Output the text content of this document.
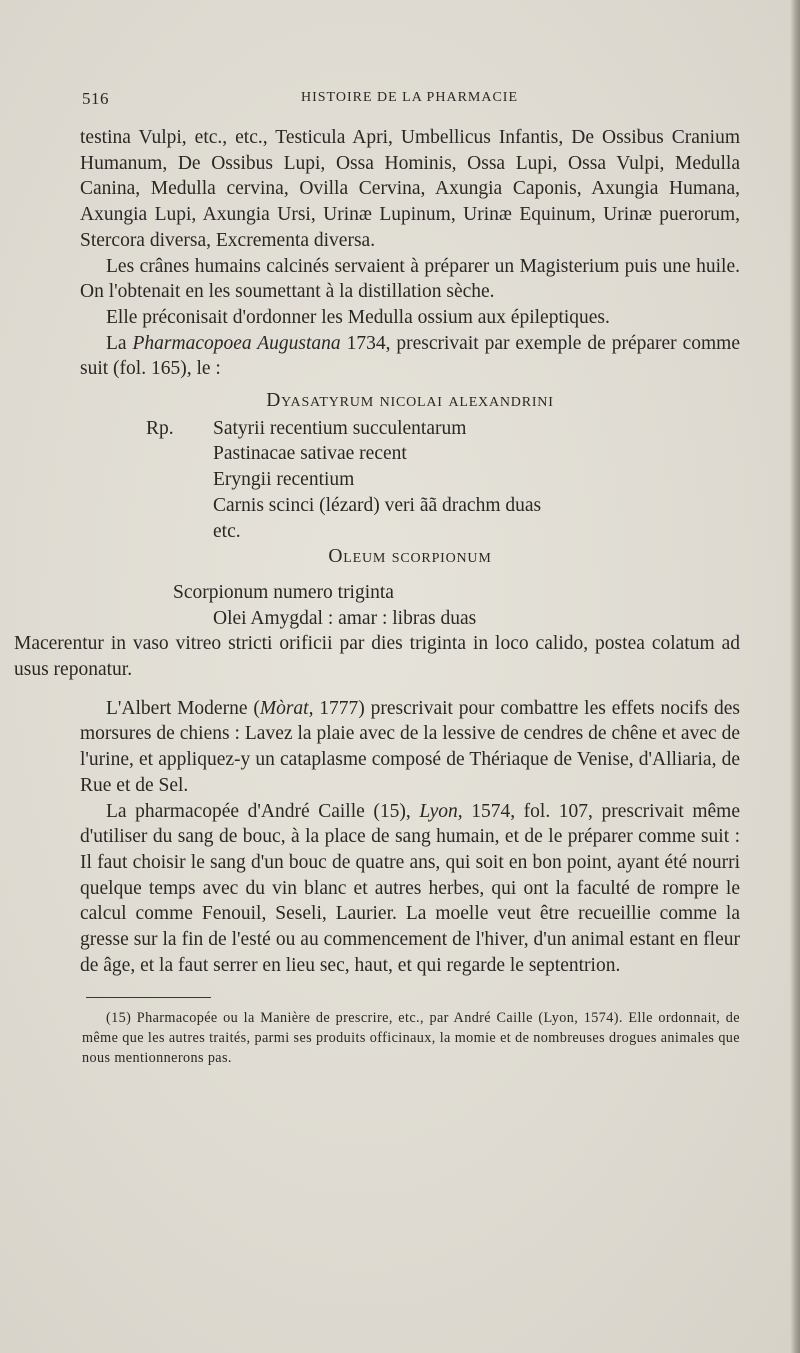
516	HISTOIRE DE LA PHARMACIE

testina Vulpi, etc., etc., Testicula Apri, Umbellicus Infantis, De Ossibus Cranium Humanum, De Ossibus Lupi, Ossa Hominis, Ossa Lupi, Ossa Vulpi, Medulla Canina, Medulla cervina, Ovilla Cervina, Axungia Caponis, Axungia Humana, Axungia Lupi, Axungia Ursi, Urinæ Lupinum, Urinæ Equinum, Urinæ puerorum, Stercora diversa, Excrementa diversa.

Les crânes humains calcinés servaient à préparer un Magisterium puis une huile. On l'obtenait en les soumettant à la distillation sèche.

Elle préconisait d'ordonner les Medulla ossium aux épileptiques.

La Pharmacopoea Augustana 1734, prescrivait par exemple de préparer comme suit (fol. 165), le :

Dyasatyrum nicolai alexandrini
Rp. Satyrii recentium succulentarum
Pastinacae sativae recent
Eryngii recentium
Carnis scinci (lézard) veri ãã drachm duas
etc.
Oleum scorpionum
Scorpionum numero triginta
Olei Amygdal : amar : libras duas

Macerentur in vaso vitreo stricti orificii par dies triginta in loco calido, postea colatum ad usus reponatur.

L'Albert Moderne (Mòrat, 1777) prescrivait pour combattre les effets nocifs des morsures de chiens : Lavez la plaie avec de la lessive de cendres de chêne et avec de l'urine, et appliquez-y un cataplasme composé de Thériaque de Venise, d'Alliaria, de Rue et de Sel.

La pharmacopée d'André Caille (15), Lyon, 1574, fol. 107, prescrivait même d'utiliser du sang de bouc, à la place de sang humain, et de le préparer comme suit : Il faut choisir le sang d'un bouc de quatre ans, qui soit en bon point, ayant été nourri quelque temps avec du vin blanc et autres herbes, qui ont la faculté de rompre le calcul comme Fenouil, Seseli, Laurier. La moelle veut être recueillie comme la gresse sur la fin de l'esté ou au commencement de l'hiver, d'un animal estant en fleur de âge, et la faut serrer en lieu sec, haut, et qui regarde le septentrion.

(15) Pharmacopée ou la Manière de prescrire, etc., par André Caille (Lyon, 1574). Elle ordonnait, de même que les autres traités, parmi ses produits officinaux, la momie et de nombreuses drogues animales que nous mentionnerons pas.
